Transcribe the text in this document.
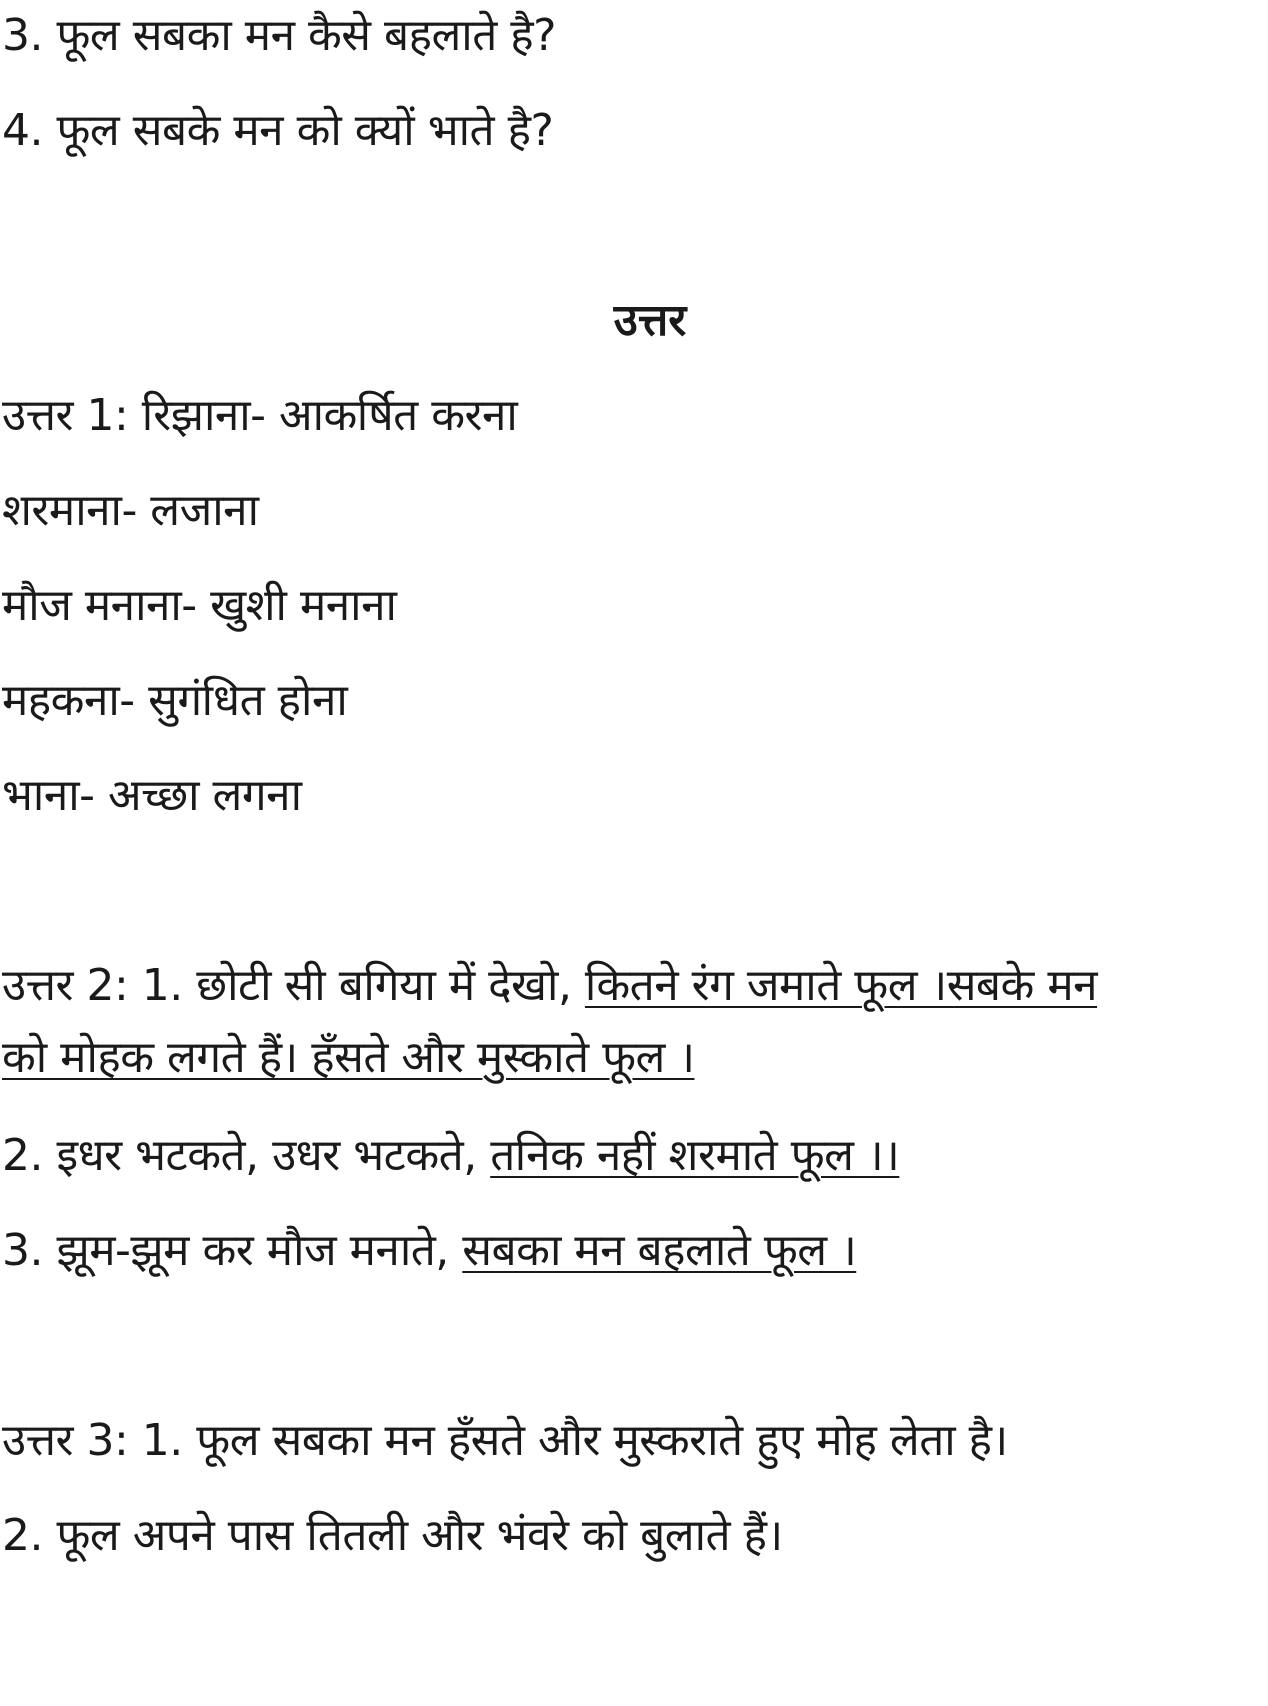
3. फूल सबका मन कैसे बहलाते है?
4. फूल सबके मन को क्यों भाते है?
उत्तर
उत्तर 1: रिझाना- आकर्षित करना
शरमाना- लजाना
मौज मनाना- खुशी मनाना
महकना- सुगंधित होना
भाना- अच्छा लगना
उत्तर 2: 1. छोटी सी बगिया में देखो, कितने रंग जमाते फूल ।सबके मन
को मोहक लगते हैं। हँसते और मुस्काते फूल ।
2. इधर भटकते, उधर भटकते, तनिक नहीं शरमाते फूल ।।
3. झूम-झूम कर मौज मनाते, सबका मन बहलाते फूल ।
उत्तर 3: 1. फूल सबका मन हँसते और मुस्कराते हुए मोह लेता है।
2. फूल अपने पास तितली और भंवरे को बुलाते हैं।
